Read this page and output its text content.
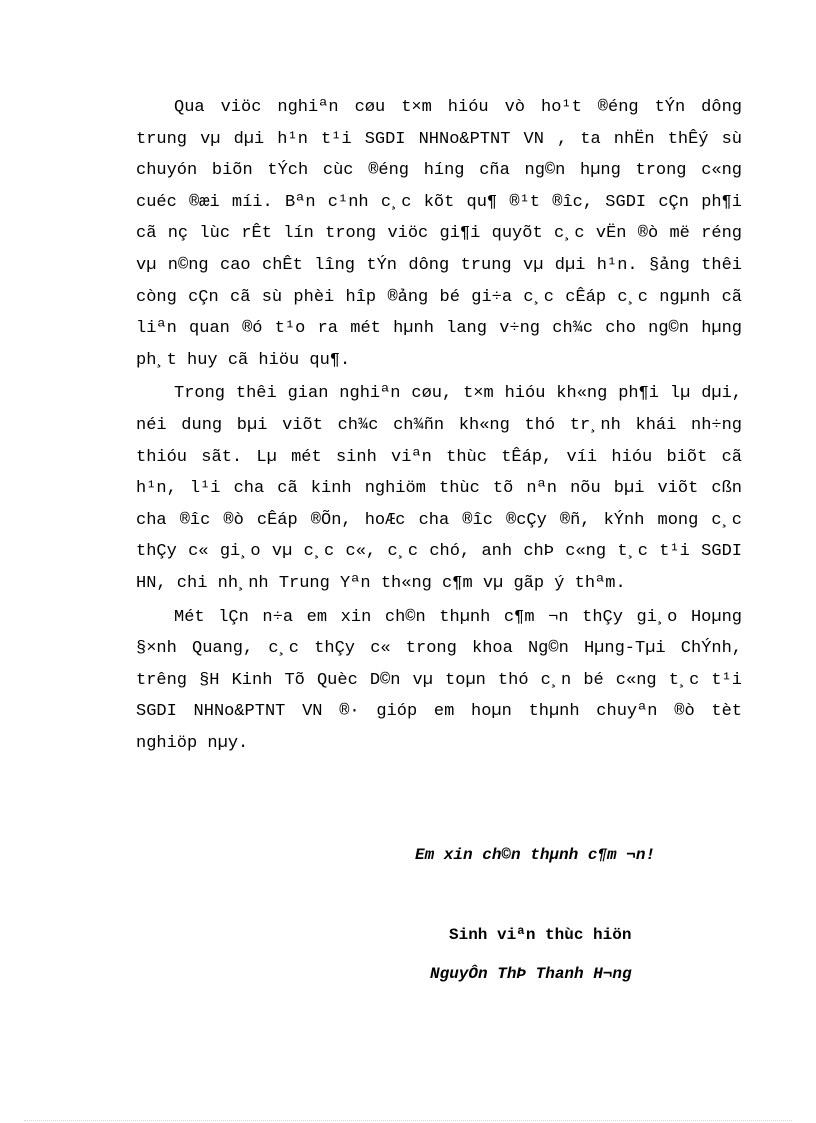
Qua viöc nghiªn cøu t×m hióu vò ho¹t ®éng tÝn dông trung vµ dµi h¹n t¹i SGDI NHNo&PTNT VN , ta nhËn thÊý sù chuyón biõn tÝch cùc ®éng híng cña ng©n hµng trong c«ng cuéc ®æi míi. Bªn c¹nh c¸c kõt qu¶ ®¹t ®îc, SGDI cÇn ph¶i cã nç lùc rÊt lín trong viöc gi¶i quyõt c¸c vËn ®ò më réng vµ n©ng cao chÊt lîng tÝn dông trung vµ dµi h¹n. §ảng thêi còng cÇn cã sù phèi hîp ®ảng bé gi÷a c¸c cÊáp c¸c ngµnh cã liªn quan ®ó t¹o ra mét hµnh lang v÷ng ch¾c cho ng©n hµng ph¸t huy cã hiöu qu¶.

Trong thêi gian nghiªn cøu, t×m hióu kh«ng ph¶i lµ dµi, néi dung bµi viõt ch¾c ch¾ñn kh«ng thó tr¸nh khái nh÷ng thióu sãt. Lµ mét sinh viªn thùc tÊáp, víi hióu biõt cã h¹n, l¹i cha cã kinh nghiöm thùc tõ nªn nõu bµi viõt cßn cha ®îc ®ò cÊáp ®Õn, hoÆc cha ®îc ®cÇy ®ñ, kÝnh mong c¸c thÇy c« gi¸o vµ c¸c c«, c¸c chó, anh chÞ c«ng t¸c t¹i SGDI HN, chi nh¸nh Trung Yªn th«ng c¶m vµ gãp ý thªm.

Mét lÇn n÷a em xin ch©n thµnh c¶m ¬n thÇy gi¸o Hoµng §×nh Quang, c¸c thÇy c« trong khoa Ng©n Hµng-Tµi ChÝnh, trêng §H Kinh Tõ Quèc D©n vµ toµn thó c¸n bé c«ng t¸c t¹i SGDI NHNo&PTNT VN ®· gióp em hoµn thµnh chuyªn ®ò tèt nghiöp nµy.

Em xin ch©n thµnh c¶m ¬n!
Sinh viªn thùc hiön
NguyÔn ThÞ Thanh H¬ng
